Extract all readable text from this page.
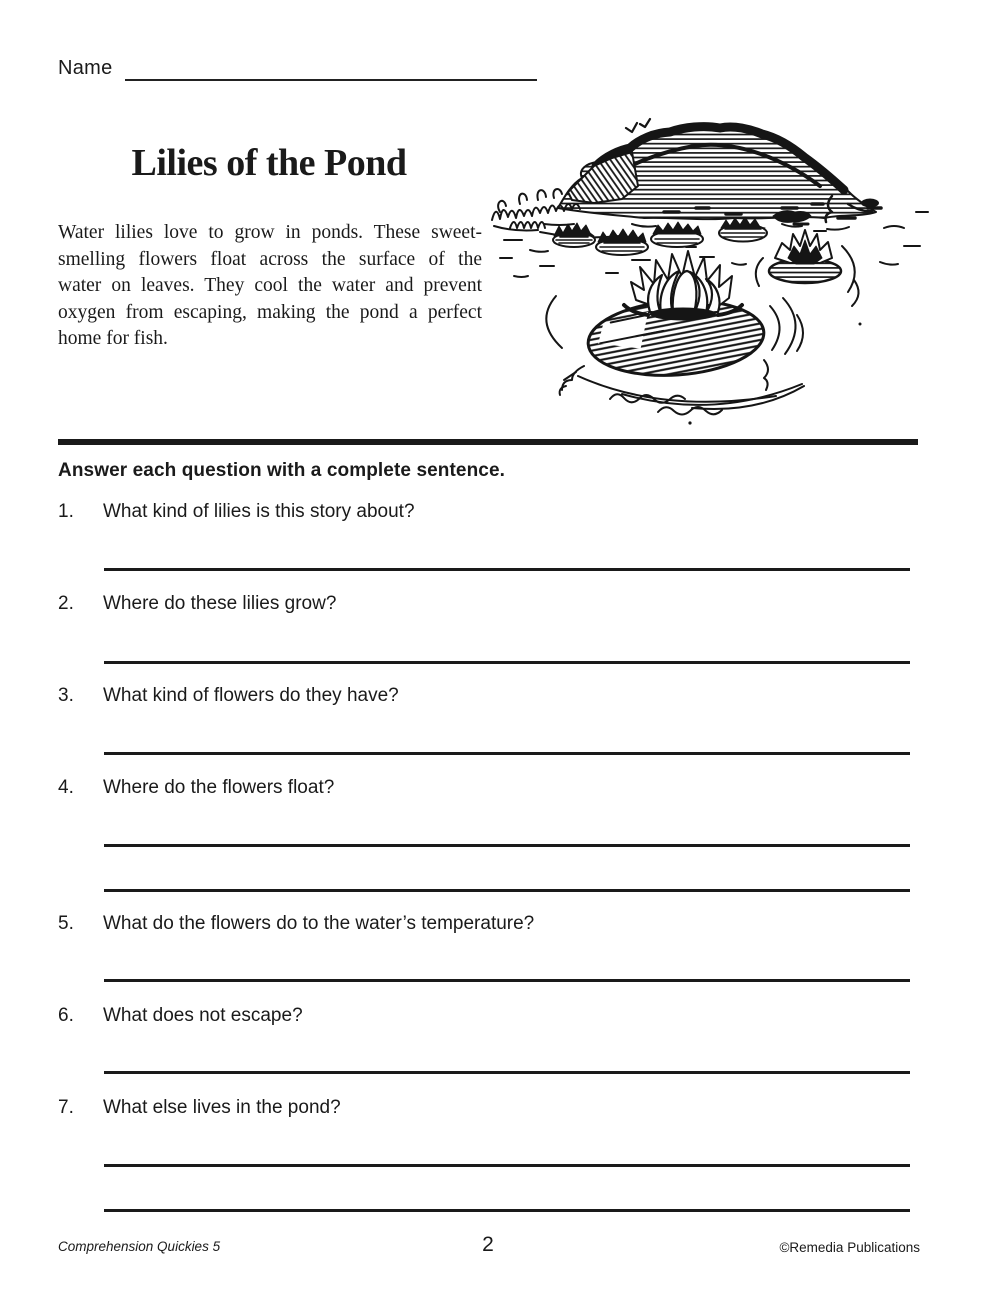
Name
Lilies of the Pond
Water lilies love to grow in ponds. These sweet-
smelling flowers float across the surface of the
water on leaves. They cool the water and prevent
oxygen from escaping, making the pond a perfect
home for fish.
Answer each question with a complete sentence.
1.	What kind of lilies is this story about?
2.	Where do these lilies grow?
3.	What kind of flowers do they have?
4.	Where do the flowers float?
5.	What do the flowers do to the water’s temperature?
6.	What does not escape?
7.	What else lives in the pond?
Comprehension Quickies 5	2	©Remedia Publications
